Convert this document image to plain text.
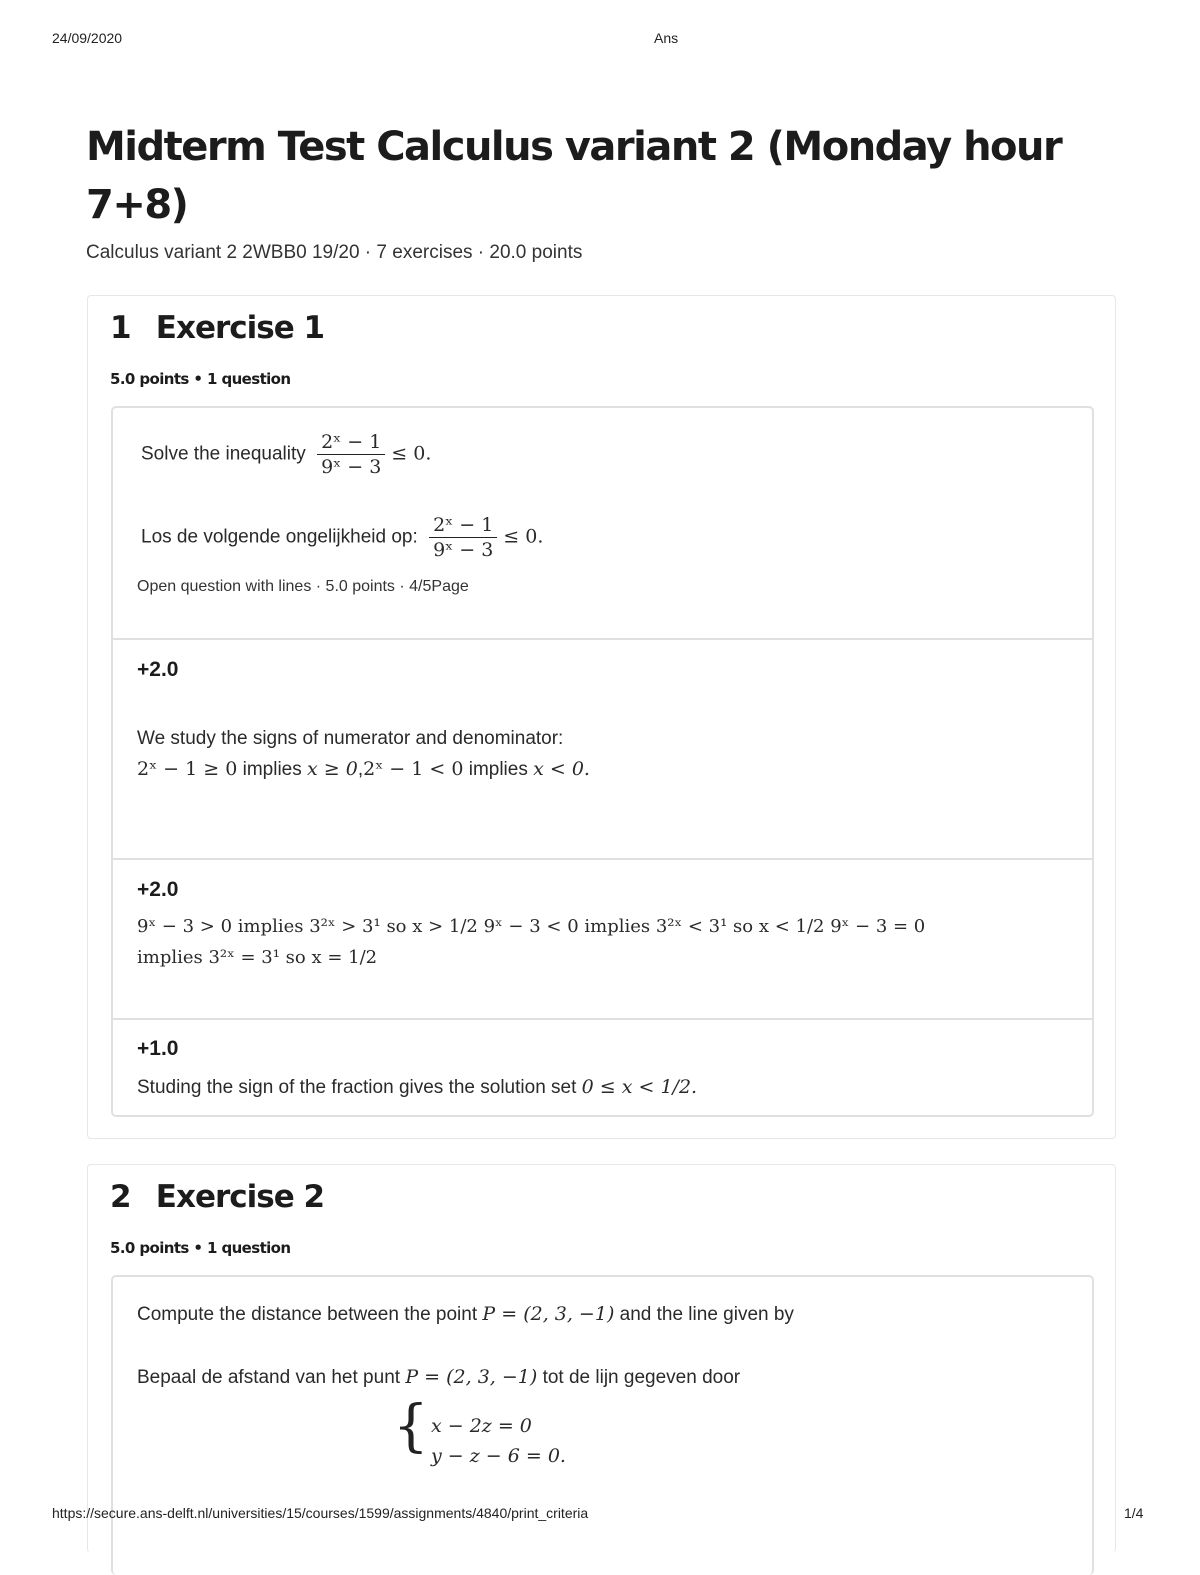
24/09/2020	Ans
Midterm Test Calculus variant 2 (Monday hour 7+8)
Calculus variant 2 2WBB0 19/20 · 7 exercises · 20.0 points
1 Exercise 1
5.0 points • 1 question
Solve the inequality $\frac{\text{2ˣ − 1}}{\text{9ˣ − 3}} \le 0$.
Los de volgende ongelijkheid op: $\frac{\text{2ˣ − 1}}{\text{9ˣ − 3}} \le 0$.
Open question with lines · 5.0 points · 4/5Page
+2.0
We study the signs of numerator and denominator:
2ˣ − 1 ≥ 0 implies x ≥ 0,2ˣ − 1 < 0 implies x < 0.
+2.0
9ˣ − 3 > 0 implies 3²ˣ > 3¹ so x > 1/2 9ˣ − 3 < 0 implies 3²ˣ < 3¹ so x < 1/2 9ˣ − 3 = 0
implies 3²ˣ = 3¹ so x = 1/2
+1.0
Studing the sign of the fraction gives the solution set 0 ≤ x < 1/2.
2 Exercise 2
5.0 points • 1 question
Compute the distance between the point P = (2, 3, −1) and the line given by
Bepaal de afstand van het punt P = (2, 3, −1) tot de lijn gegeven door
{ x − 2z = 0
y − z − 6 = 0.
https://secure.ans-delft.nl/universities/15/courses/1599/assignments/4840/print_criteria	1/4
